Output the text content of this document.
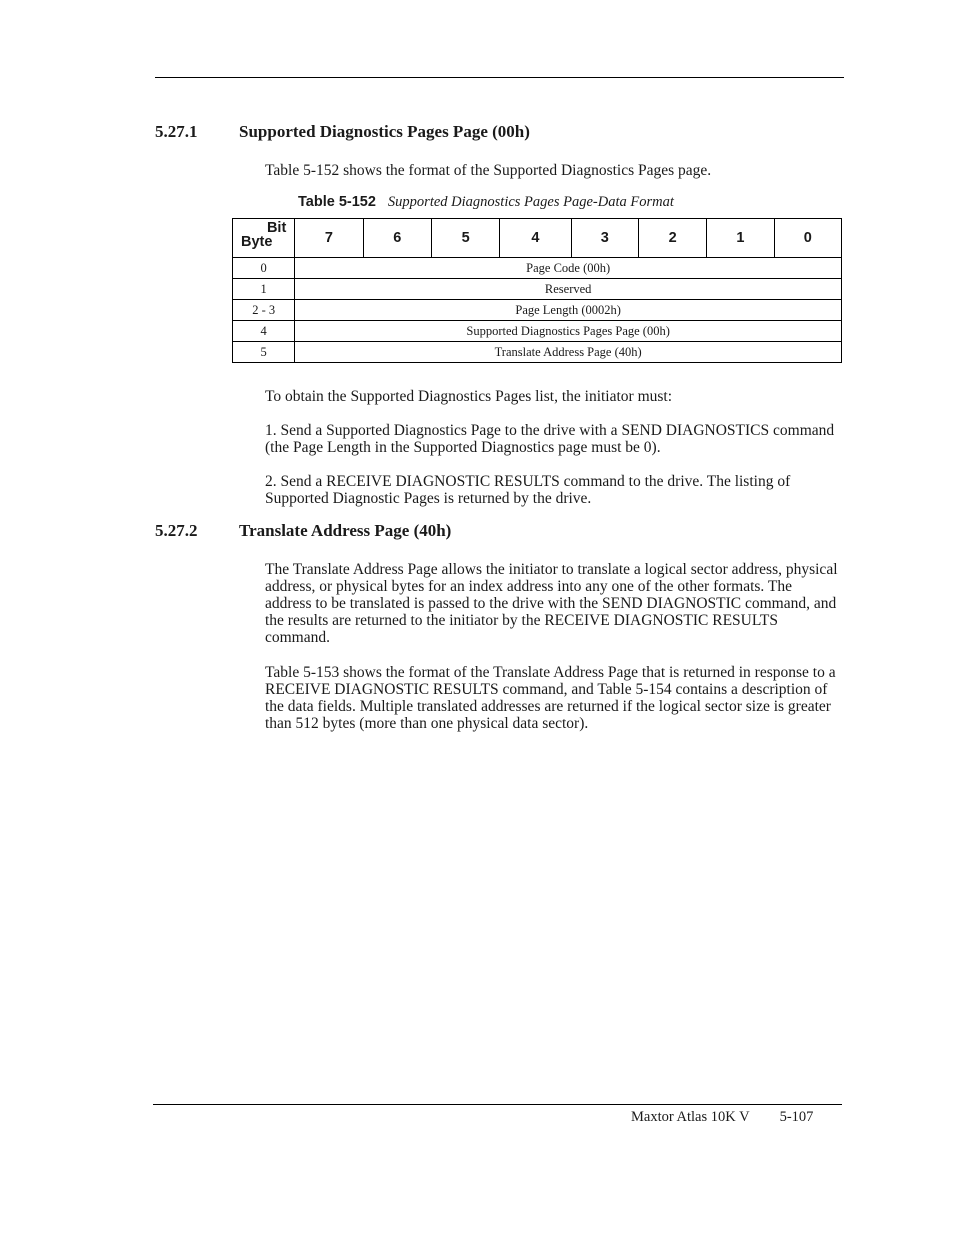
5.27.1 Supported Diagnostics Pages Page (00h)
Table 5-152 shows the format of the Supported Diagnostics Pages page.
Table 5-152 Supported Diagnostics Pages Page-Data Format
Bit
Byte	7	6	5	4	3	2	1	0
0	Page Code (00h)							
1	Reserved							
2 - 3	Page Length (0002h)							
4	Supported Diagnostics Pages Page (00h)							
5	Translate Address Page (40h)							
To obtain the Supported Diagnostics Pages list, the initiator must:
1. Send a Supported Diagnostics Page to the drive with a SEND DIAGNOSTICS command (the Page Length in the Supported Diagnostics page must be 0).
2. Send a RECEIVE DIAGNOSTIC RESULTS command to the drive. The listing of Supported Diagnostic Pages is returned by the drive.
5.27.2 Translate Address Page (40h)
The Translate Address Page allows the initiator to translate a logical sector address, physical address, or physical bytes for an index address into any one of the other formats. The address to be translated is passed to the drive with the SEND DIAGNOSTIC command, and the results are returned to the initiator by the RECEIVE DIAGNOSTIC RESULTS command.
Table 5-153 shows the format of the Translate Address Page that is returned in response to a RECEIVE DIAGNOSTIC RESULTS command, and Table 5-154 contains a description of the data fields. Multiple translated addresses are returned if the logical sector size is greater than 512 bytes (more than one physical data sector).
Maxtor Atlas 10K V 5-107
